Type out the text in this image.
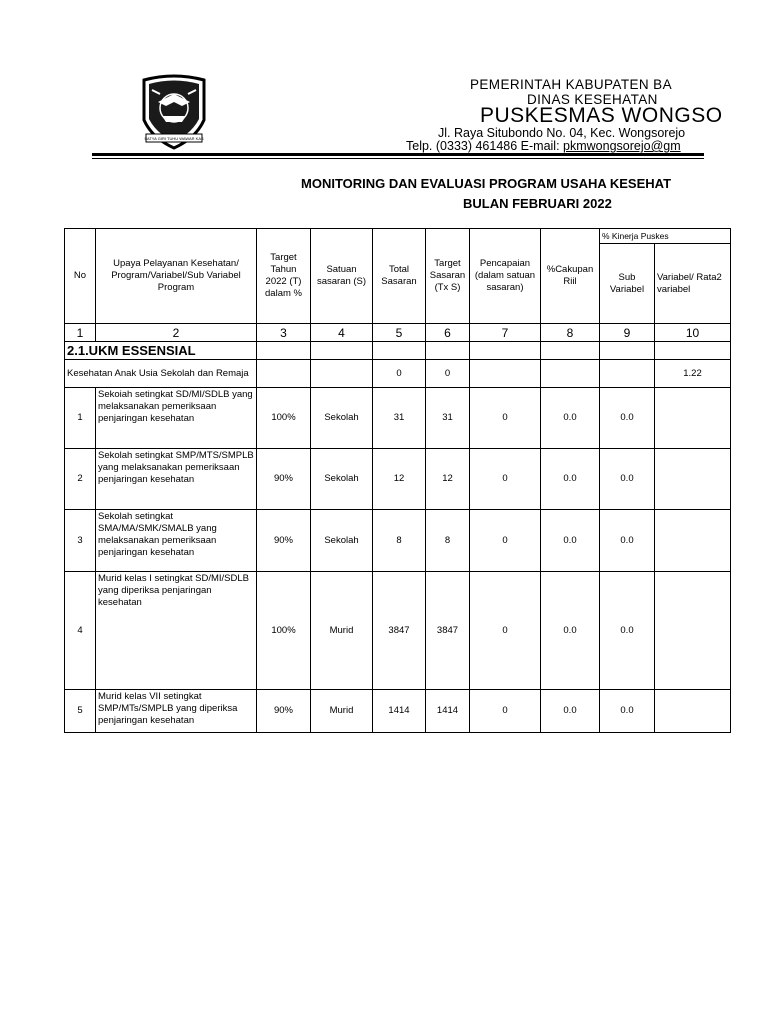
SATYA GIRI TUHU WAWAR KAS
PEMERINTAH KABUPATEN BA
DINAS KESEHATAN
PUSKESMAS WONGSO
Jl. Raya Situbondo No. 04, Kec. Wongsorejo
Telp. (0333) 461486 E-mail: pkmwongsorejo@gm
MONITORING DAN EVALUASI PROGRAM USAHA KESEHAT
BULAN FEBRUARI 2022
No	Upaya Pelayanan Kesehatan/ Program/Variabel/Sub Variabel Program	Target Tahun 2022 (T) dalam %	Satuan sasaran (S)	Total Sasaran	Target Sasaran (Tx S)	Pencapaian (dalam satuan sasaran)	%Cakupan Riil	% Kinerja Puskes	
								Sub Variabel	Variabel/ Rata2 variabel
1	2	3	4	5	6	7	8	9	10
2.1.UKM ESSENSIAL									
Kesehatan Anak Usia Sekolah dan Remaja				0	0				1.22
1	Sekoiah setingkat SD/MI/SDLB yang melaksanakan pemeriksaan penjaringan kesehatan	100%	Sekolah	31	31	0	0.0	0.0	
2	Sekolah setingkat SMP/MTS/SMPLB yang melaksanakan pemeriksaan penjaringan kesehatan	90%	Sekolah	12	12	0	0.0	0.0	
3	Sekolah setingkat SMA/MA/SMK/SMALB yang melaksanakan pemeriksaan penjaringan kesehatan	90%	Sekolah	8	8	0	0.0	0.0	
4	Murid kelas I setingkat SD/MI/SDLB yang diperiksa penjaringan kesehatan	100%	Murid	3847	3847	0	0.0	0.0	
5	Murid kelas VII setingkat SMP/MTs/SMPLB yang diperiksa penjaringan kesehatan	90%	Murid	1414	1414	0	0.0	0.0	
